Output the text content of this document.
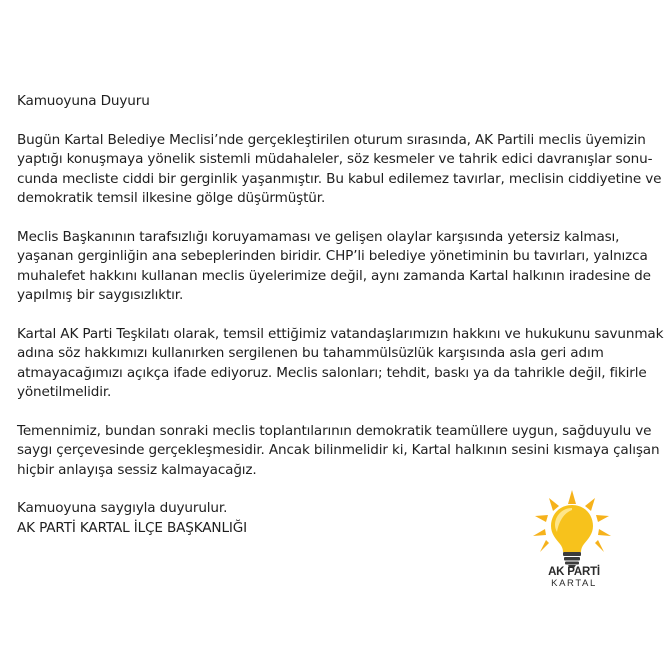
Kamuoyuna Duyuru

Bugün Kartal Belediye Meclisi’nde gerçekleştirilen oturum sırasında, AK Partili meclis üyemizin
yaptığı konuşmaya yönelik sistemli müdahaleler, söz kesmeler ve tahrik edici davranışlar sonu-
cunda mecliste ciddi bir gerginlik yaşanmıştır. Bu kabul edilemez tavırlar, meclisin ciddiyetine ve
demokratik temsil ilkesine gölge düşürmüştür.

Meclis Başkanının tarafsızlığı koruyamaması ve gelişen olaylar karşısında yetersiz kalması,
yaşanan gerginliğin ana sebeplerinden biridir. CHP’li belediye yönetiminin bu tavırları, yalnızca
muhalefet hakkını kullanan meclis üyelerimize değil, aynı zamanda Kartal halkının iradesine de
yapılmış bir saygısızlıktır.

Kartal AK Parti Teşkilatı olarak, temsil ettiğimiz vatandaşlarımızın hakkını ve hukukunu savunmak
adına söz hakkımızı kullanırken sergilenen bu tahammülsüzlük karşısında asla geri adım
atmayacağımızı açıkça ifade ediyoruz. Meclis salonları; tehdit, baskı ya da tahrikle değil, fikirle
yönetilmelidir.

Temennimiz, bundan sonraki meclis toplantılarının demokratik teamüllere uygun, sağduyulu ve
saygı çerçevesinde gerçekleşmesidir. Ancak bilinmelidir ki, Kartal halkının sesini kısmaya çalışan
hiçbir anlayışa sessiz kalmayacağız.

Kamuoyuna saygıyla duyurulur.

AK PARTİ KARTAL İLÇE BAŞKANLIĞI

AK PARTİ
KARTAL
